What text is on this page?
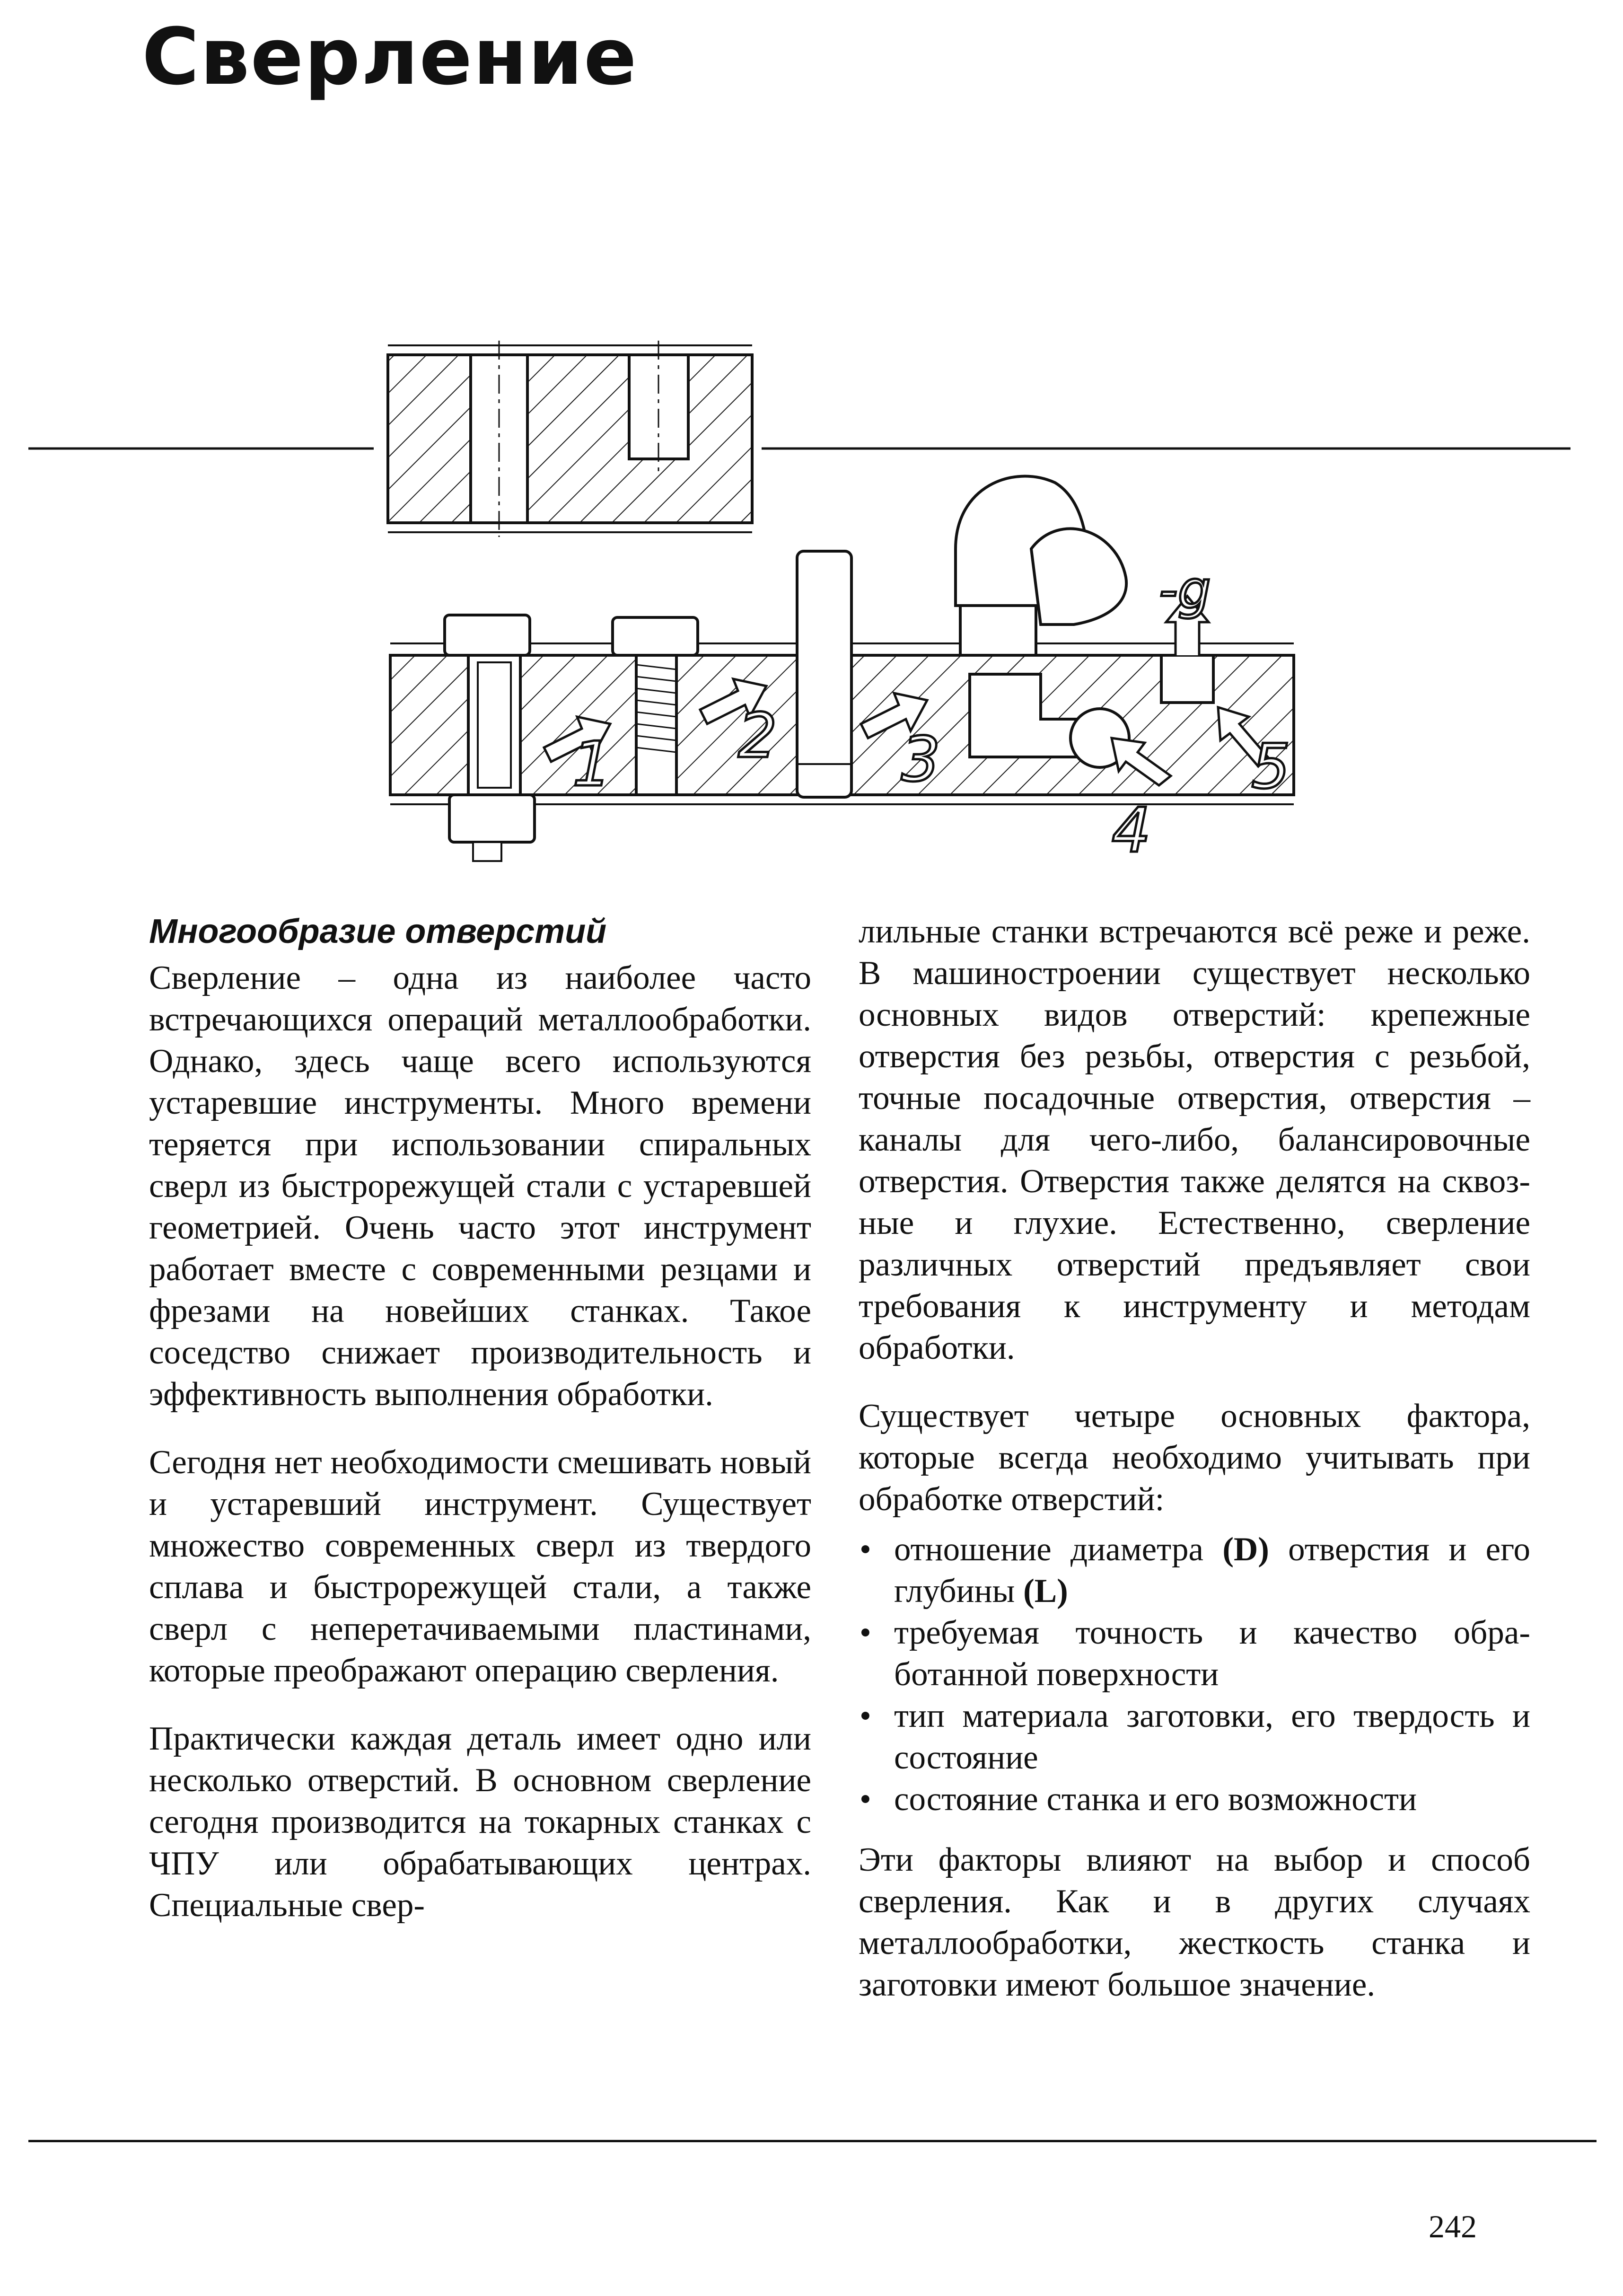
Сверление
1 2 3
4
5
-g
Многообразие отверстий

Сверление – одна из наиболее часто встречающихся операций металлообработки. Однако, здесь чаще всего используются устаревшие инструменты. Много времени теряется при использовании спиральных сверл из быстрорежущей стали с устаревшей геометрией. Очень часто этот инструмент работает вместе с современными резцами и фрезами на новейших станках. Такое соседство снижает производительность и эффективность выполнения обработки.

Сегодня нет необходимости смешивать новый и устаревший инструмент. Существует множество современных сверл из твердого сплава и быстрорежущей стали, а также сверл с неперетачиваемыми пластинами, которые преображают операцию сверления.

Практически каждая деталь имеет одно или несколько отверстий. В основном сверление сегодня производится на токарных станках с ЧПУ или обрабатывающих центрах. Специальные свер-

лильные станки встречаются всё реже и реже. В машиностроении существует несколько основных видов отверстий: крепежные отверстия без резьбы, отверстия с резьбой, точные посадочные отверстия, отверстия – каналы для чего-либо, балансировочные отверстия. Отверстия также делятся на сквозные и глухие. Естественно, сверление различных отверстий предъявляет свои требования к инструменту и методам обработки.

Существует четыре основных фактора, которые всегда необходимо учитывать при обработке отверстий:

• отношение диаметра (D) отверстия и его глубины (L)
• требуемая точность и качество обработанной поверхности
• тип материала заготовки, его твердость и состояние
• состояние станка и его возможности

Эти факторы влияют на выбор и способ сверления. Как и в других случаях металлообработки, жесткость станка и заготовки имеют большое значение.

242
